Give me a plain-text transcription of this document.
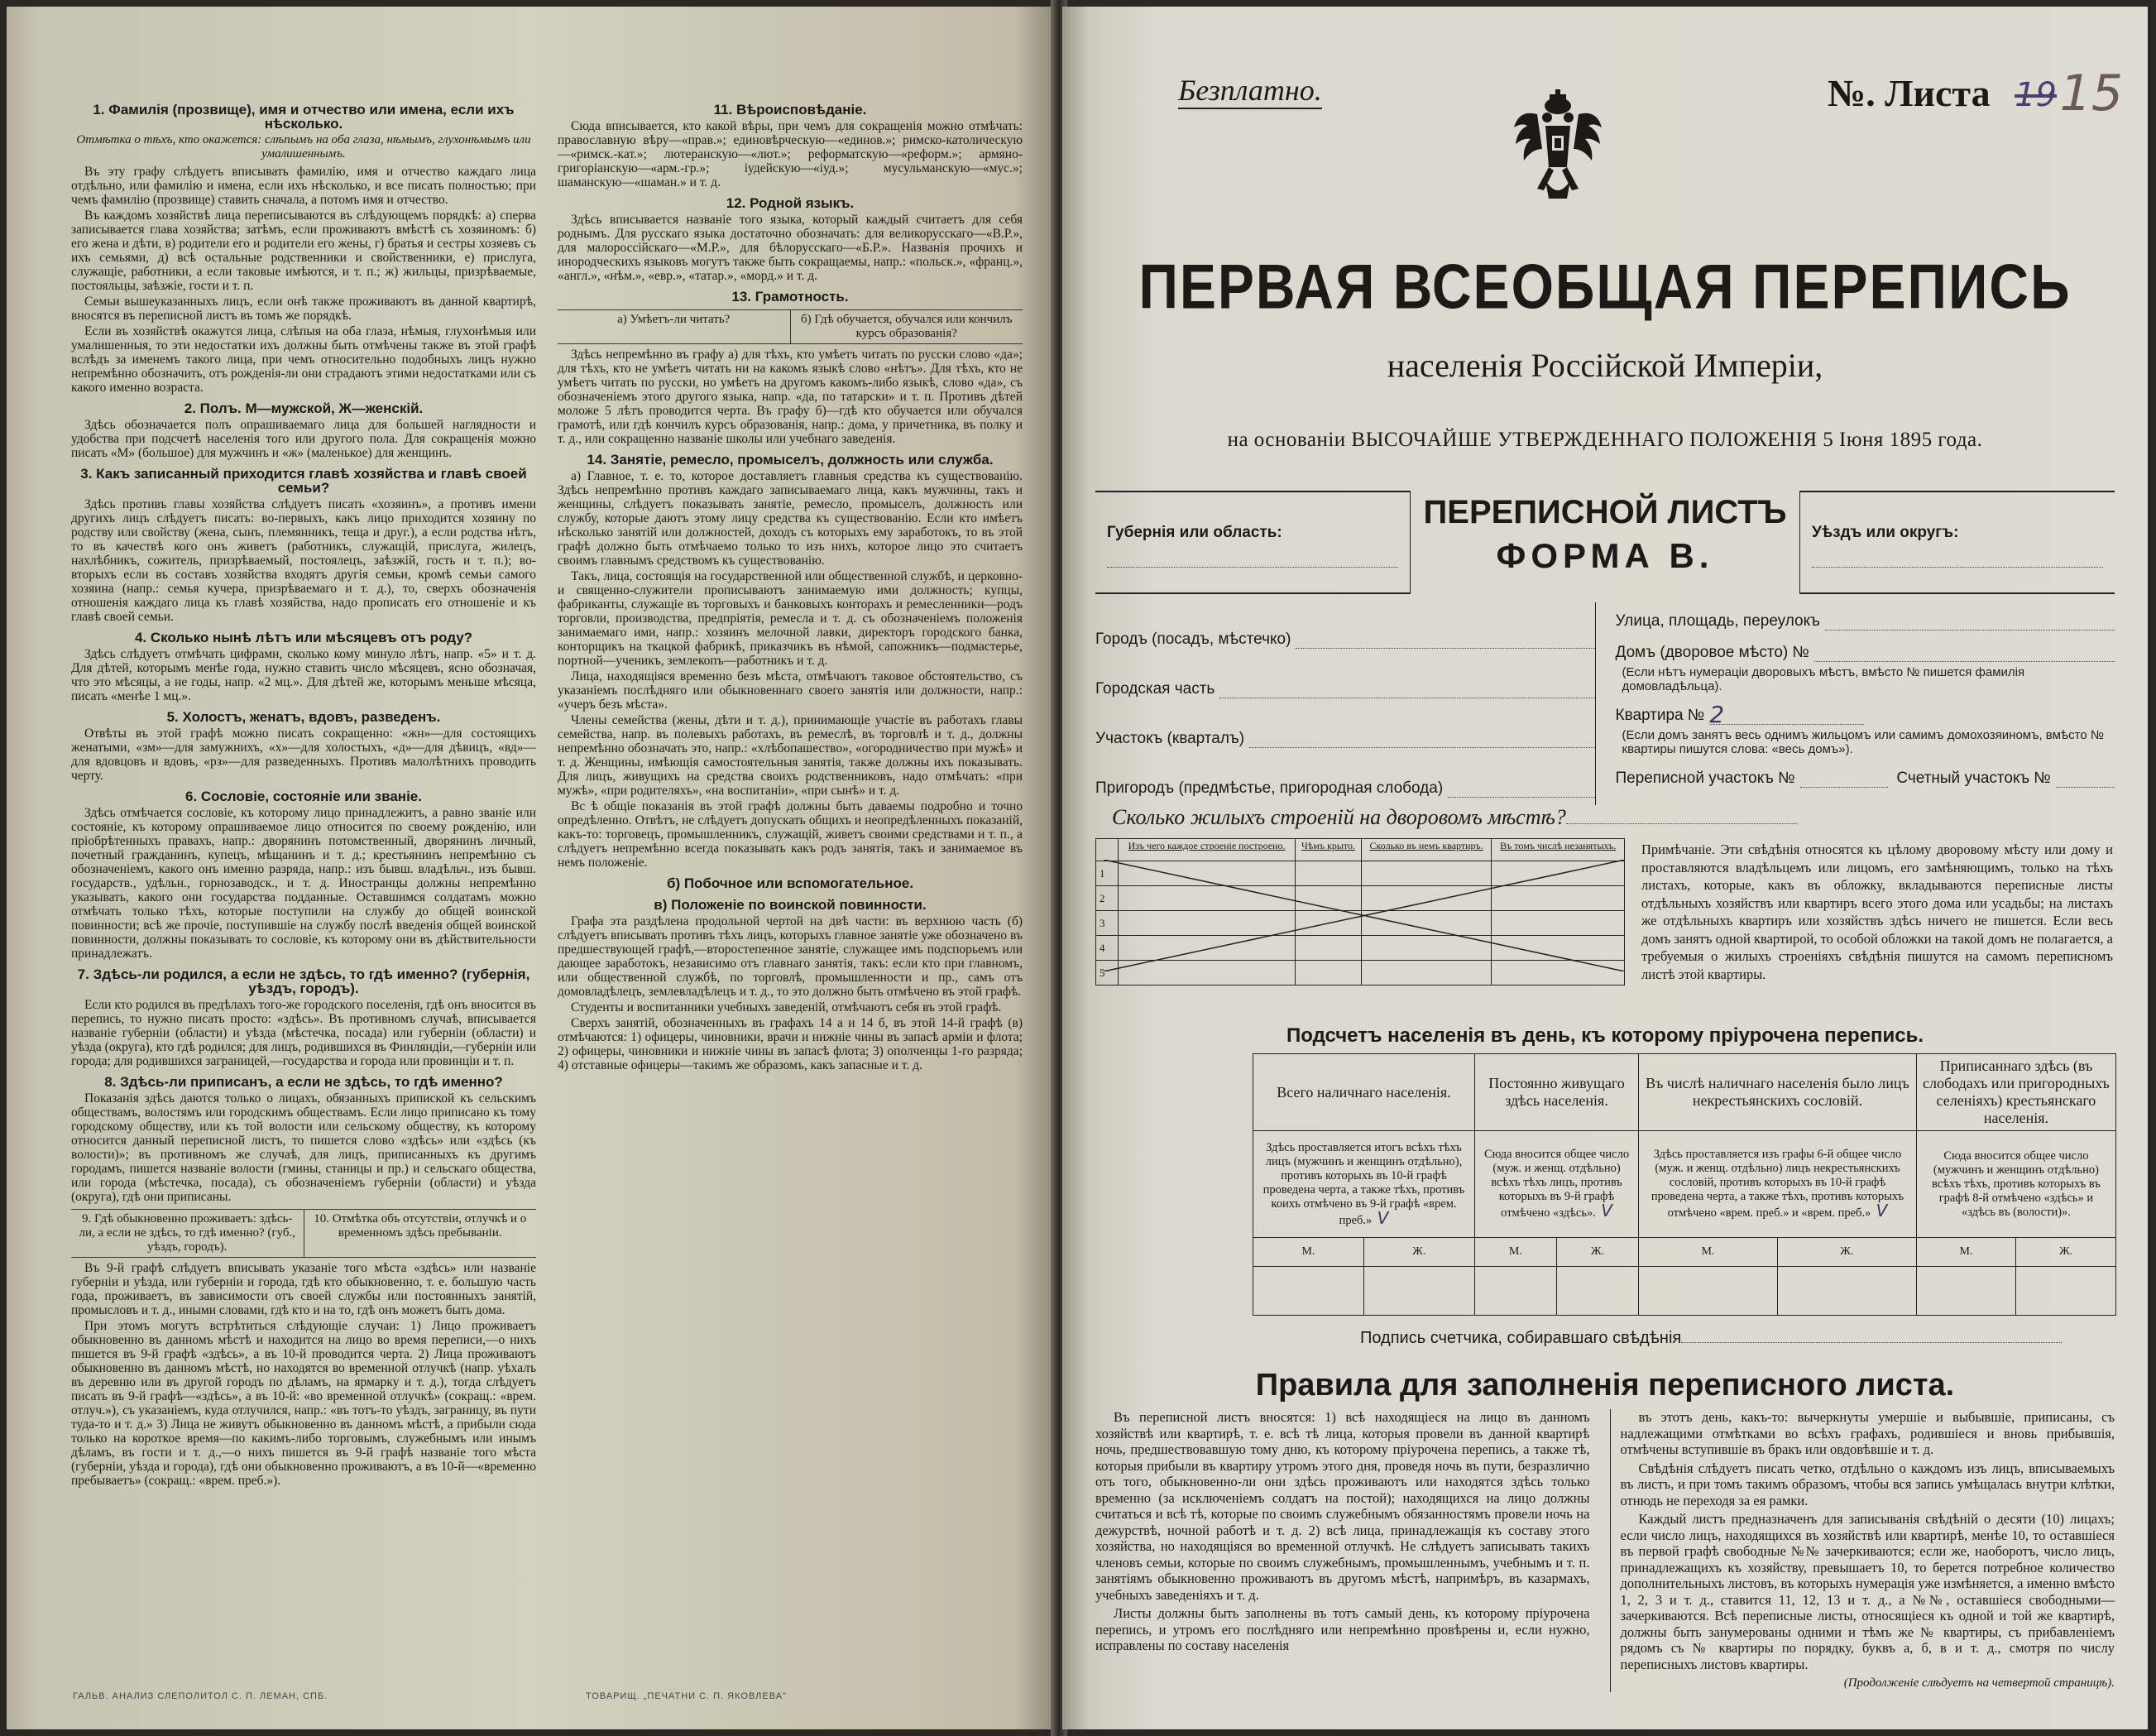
1. Фамилія (прозвище), имя и отчество или имена, если ихъ нѣсколько.
Отмѣтка о тѣхъ, кто окажется: слѣпымъ на оба глаза, нѣмымъ, глухонѣмымъ или умалишеннымъ.

Въ эту графу слѣдуетъ вписывать фамилію, имя и отчество каждаго лица отдѣльно, или фамилію и имена, если ихъ нѣсколько, и все писать полностью; при чемъ фамилію (прозвище) ставить сначала, а потомъ имя и отчество.

Въ каждомъ хозяйствѣ лица переписываются въ слѣдующемъ порядкѣ: а) сперва записывается глава хозяйства; затѣмъ, если проживаютъ вмѣстѣ съ хозяиномъ: б) его жена и дѣти, в) родители его и родители его жены, г) братья и сестры хозяевъ съ ихъ семьями, д) всѣ остальные родственники и свойственники, е) прислуга, служащіе, работники, а если таковые имѣются, и т. п.; ж) жильцы, призрѣваемые, постояльцы, заѣзжіе, гости и т. п.

Семьи вышеуказанныхъ лицъ, если онѣ также проживаютъ въ данной квартирѣ, вносятся въ переписной листъ въ томъ же порядкѣ.

Если въ хозяйствѣ окажутся лица, слѣпыя на оба глаза, нѣмыя, глухонѣмыя или умалишенныя, то эти недостатки ихъ должны быть отмѣчены также въ этой графѣ вслѣдъ за именемъ такого лица, при чемъ относительно подобныхъ лицъ нужно непремѣнно обозначить, отъ рожденія-ли они страдаютъ этими недостатками или съ какого именно возраста.

2. Полъ. М—мужской, Ж—женскій.

Здѣсь обозначается полъ опрашиваемаго лица для большей наглядности и удобства при подсчетѣ населенія того или другого пола. Для сокращенія можно писать «М» (большое) для мужчинъ и «ж» (маленькое) для женщинъ.

3. Какъ записанный приходится главѣ хозяйства и главѣ своей семьи?

Здѣсь противъ главы хозяйства слѣдуетъ писать «хозяинъ», а противъ имени другихъ лицъ слѣдуетъ писать: во-первыхъ, какъ лицо приходится хозяину по родству или свойству (жена, сынъ, племянникъ, теща и друг.), а если родства нѣтъ, то въ качествѣ кого онъ живетъ (работникъ, служащій, прислуга, жилецъ, нахлѣбникъ, сожитель, призрѣваемый, постоялецъ, заѣзжій, гость и т. п.); во-вторыхъ если въ составъ хозяйства входятъ другія семьи, кромѣ семьи самого хозяина (напр.: семья кучера, призрѣваемаго и т. д.), то, сверхъ обозначенія отношенія каждаго лица къ главѣ хозяйства, надо прописать его отношеніе и къ главѣ своей семьи.

4. Сколько нынѣ лѣтъ или мѣсяцевъ отъ роду?

Здѣсь слѣдуетъ отмѣчать цифрами, сколько кому минуло лѣтъ, напр. «5» и т. д. Для дѣтей, которымъ менѣе года, нужно ставить число мѣсяцевъ, ясно обозначая, что это мѣсяцы, а не годы, напр. «2 мц.». Для дѣтей же, которымъ меньше мѣсяца, писать «менѣе 1 мц.».

5. Холостъ, женатъ, вдовъ, разведенъ.

Отвѣты въ этой графѣ можно писать сокращенно: «жн»—для состоящихъ женатыми, «зм»—для замужнихъ, «х»—для холостыхъ, «д»—для дѣвицъ, «вд»—для вдовцовъ и вдовъ, «рз»—для разведенныхъ. Противъ малолѣтнихъ проводить черту.

6. Сословіе, состояніе или званіе.

Здѣсь отмѣчается сословіе, къ которому лицо принадлежитъ, а равно званіе или состояніе, къ которому опрашиваемое лицо относится по своему рожденію, или пріобрѣтенныхъ правахъ, напр.: дворянинъ потомственный, дворянинъ личный, почетный гражданинъ, купецъ, мѣщанинъ и т. д.; крестьянинъ непремѣнно съ обозначеніемъ, какого онъ именно разряда, напр.: изъ бывш. владѣльч., изъ бывш. государств., удѣльн., горнозаводск., и т. д. Иностранцы должны непремѣнно указывать, какого они государства подданные. Оставшимся солдатамъ можно отмѣчать только тѣхъ, которые поступили на службу до общей воинской повинности; всѣ же прочіе, поступившіе на службу послѣ введенія общей воинской повинности, должны показывать то сословіе, къ которому они въ дѣйствительности принадлежатъ.

7. Здѣсь-ли родился, а если не здѣсь, то гдѣ именно? (губернія, уѣздъ, городъ).

Если кто родился въ предѣлахъ того-же городского поселенія, гдѣ онъ вносится въ перепись, то нужно писать просто: «здѣсь». Въ противномъ случаѣ, вписывается названіе губерніи (области) и уѣзда (мѣстечка, посада) или губерніи (области) и уѣзда (округа), кто гдѣ родился; для лицъ, родившихся въ Финляндіи,—губерніи или города; для родившихся заграницей,—государства и города или провинціи и т. п.

8. Здѣсь-ли приписанъ, а если не здѣсь, то гдѣ именно?

Показанія здѣсь даются только о лицахъ, обязанныхъ припиской къ сельскимъ обществамъ, волостямъ или городскимъ обществамъ. Если лицо приписано къ тому городскому обществу, или къ той волости или сельскому обществу, къ которому относится данный переписной листъ, то пишется слово «здѣсь» или «здѣсь (къ волости)»; въ противномъ же случаѣ, для лицъ, приписанныхъ къ другимъ городамъ, пишется названіе волости (гмины, станицы и пр.) и сельскаго общества, или города (мѣстечка, посада), съ обозначеніемъ губерніи (области) и уѣзда (округа), гдѣ они приписаны.

9. Гдѣ обыкновенно проживаетъ: здѣсь-ли, а если не здѣсь, то гдѣ именно? (губ., уѣздъ, городъ).
10. Отмѣтка объ отсутствіи, отлучкѣ и о временномъ здѣсь пребываніи.

Въ 9-й графѣ слѣдуетъ вписывать указаніе того мѣста «здѣсь» или названіе губерніи и уѣзда, или губерніи и города, гдѣ кто обыкновенно, т. е. большую часть года, проживаетъ, въ зависимости отъ своей службы или постоянныхъ занятій, промысловъ и т. д., иными словами, гдѣ кто и на то, гдѣ онъ можетъ быть дома.

При этомъ могутъ встрѣтиться слѣдующіе случаи: 1) Лицо проживаетъ обыкновенно въ данномъ мѣстѣ и находится на лицо во время переписи,—о нихъ пишется въ 9-й графѣ «здѣсь», а въ 10-й проводится черта. 2) Лица проживаютъ обыкновенно въ данномъ мѣстѣ, но находятся во временной отлучкѣ (напр. уѣхалъ въ деревню или въ другой городъ по дѣламъ, на ярмарку и т. д.), тогда слѣдуетъ писать въ 9-й графѣ—«здѣсь», а въ 10-й: «во временной отлучкѣ» (сокращ.: «врем. отлуч.»), съ указаніемъ, куда отлучился, напр.: «въ тотъ-то уѣздъ, заграницу, въ пути туда-то и т. д.» 3) Лица не живутъ обыкновенно въ данномъ мѣстѣ, а прибыли сюда только на короткое время—по какимъ-либо торговымъ, служебнымъ или инымъ дѣламъ, въ гости и т. д.,—о нихъ пишется въ 9-й графѣ названіе того мѣста (губерніи, уѣзда и города), гдѣ они обыкновенно проживаютъ, а въ 10-й—«временно пребываетъ» (сокращ.: «врем. преб.»).

11. Вѣроисповѣданіе.

Сюда вписывается, кто какой вѣры, при чемъ для сокращенія можно отмѣчать: православную вѣру—«прав.»; единовѣрческую—«единов.»; римско-католическую—«римск.-кат.»; лютеранскую—«лют.»; реформатскую—«реформ.»; армяно-григоріанскую—«арм.-гр.»; іудейскую—«іуд.»; мусульманскую—«мус.»; шаманскую—«шаман.» и т. д.

12. Родной языкъ.

Здѣсь вписывается названіе того языка, который каждый считаетъ для себя роднымъ. Для русскаго языка достаточно обозначать: для великорусскаго—«В.Р.», для малороссійскаго—«М.Р.», для бѣлорусскаго—«Б.Р.». Названія прочихъ и инородческихъ языковъ могутъ также быть сокращаемы, напр.: «польск.», «франц.», «англ.», «нѣм.», «евр.», «татар.», «морд.» и т. д.

13. Грамотность.
а) Умѣетъ-ли читать?	б) Гдѣ обучается, обучался или кончилъ курсъ образованія?

Здѣсь непремѣнно въ графу а) для тѣхъ, кто умѣетъ читать по русски слово «да»; для тѣхъ, кто не умѣетъ читать ни на какомъ языкѣ слово «нѣтъ». Для тѣхъ, кто не умѣетъ читать по русски, но умѣетъ на другомъ какомъ-либо языкѣ, слово «да», съ обозначеніемъ этого другого языка, напр. «да, по татарски» и т. п. Противъ дѣтей моложе 5 лѣтъ проводится черта. Въ графу б)—гдѣ кто обучается или обучался грамотѣ, или гдѣ кончилъ курсъ образованія, напр.: дома, у причетника, въ полку и т. д., или сокращенно названіе школы или учебнаго заведенія.

14. Занятіе, ремесло, промыселъ, должность или служба.

а) Главное, т. е. то, которое доставляетъ главныя средства къ существованію. Здѣсь непремѣнно противъ каждаго записываемаго лица, какъ мужчины, такъ и женщины, слѣдуетъ показывать занятіе, ремесло, промыселъ, должность или службу, которые даютъ этому лицу средства къ существованію. Если кто имѣетъ нѣсколько занятій или должностей, доходъ съ которыхъ ему заработокъ, то въ этой графѣ должно быть отмѣчаемо только то изъ нихъ, которое лицо это считаетъ своимъ главнымъ средствомъ къ существованію.

Такъ, лица, состоящія на государственной или общественной службѣ, и церковно-и священно-служители прописываютъ занимаемую ими должность; купцы, фабриканты, служащіе въ торговыхъ и банковыхъ конторахъ и ремесленники—родъ торговли, производства, предпріятія, ремесла и т. д. съ обозначеніемъ положенія занимаемаго ими, напр.: хозяинъ мелочной лавки, директоръ городского банка, конторщикъ на ткацкой фабрикѣ, приказчикъ въ нѣмой, сапожникъ—подмастерье, портной—ученикъ, землекопъ—работникъ и т. д.

Лица, находящіяся временно безъ мѣста, отмѣчаютъ таковое обстоятельство, съ указаніемъ послѣдняго или обыкновеннаго своего занятія или должности, напр.: «учеръ безъ мѣста».

Члены семейства (жены, дѣти и т. д.), принимающіе участіе въ работахъ главы семейства, напр. въ полевыхъ работахъ, въ ремеслѣ, въ торговлѣ и т. д., должны непремѣнно обозначать это, напр.: «хлѣбопашество», «огородничество при мужѣ» и т. д. Женщины, имѣющія самостоятельныя занятія, также должны ихъ показывать. Для лицъ, живущихъ на средства своихъ родственниковъ, надо отмѣчать: «при мужѣ», «при родителяхъ», «на воспитаніи», «при сынѣ» и т. д.

Вс ѣ общіе показанія въ этой графѣ должны быть даваемы подробно и точно опредѣленно. Отвѣтъ, не слѣдуетъ допускать общихъ и неопредѣленныхъ показаній, какъ-то: торговецъ, промышленникъ, служащій, живетъ своими средствами и т. п., а слѣдуетъ непремѣнно всегда показывать какъ родъ занятія, такъ и занимаемое въ немъ положеніе.

б) Побочное или вспомогательное.
в) Положеніе по воинской повинности.

Графа эта раздѣлена продольной чертой на двѣ части: въ верхнюю часть (б) слѣдуетъ вписывать противъ тѣхъ лицъ, которыхъ главное занятіе уже обозначено въ предшествующей графѣ,—второстепенное занятіе, служащее имъ подспорьемъ или дающее заработокъ, независимо отъ главнаго занятія, такъ: если кто при главномъ, или общественной службѣ, по торговлѣ, промышленности и пр., самъ отъ домовладѣлецъ, землевладѣлецъ и т. д., то это должно быть отмѣчено въ этой графѣ.

Студенты и воспитанники учебныхъ заведеній, отмѣчаютъ себя въ этой графѣ.

Сверхъ занятій, обозначенныхъ въ графахъ 14 а и 14 б, въ этой 14-й графѣ (в) отмѣчаются: 1) офицеры, чиновники, врачи и нижніе чины въ запасѣ арміи и флота; 2) офицеры, чиновники и нижніе чины въ запасѣ флота; 3) ополченцы 1-го разряда; 4) отставные офицеры—такимъ же образомъ, какъ запасные и т. д.

ГАЛЬВ. АНАЛИЗ СЛЕПОЛИТОЛ С. П. ЛЕМАН, СПБ.	ТОВАРИЩ. „ПЕЧАТНИ С. П. ЯКОВЛЕВА"
Безплатно.	№. Листа 19 15
ПЕРВАЯ ВСЕОБЩАЯ ПЕРЕПИСЬ
населенія Россійской Имперіи,
на основаніи ВЫСОЧАЙШЕ УТВЕРЖДЕННАГО ПОЛОЖЕНІЯ 5 Іюня 1895 года.
Губернія или область:
ПЕРЕПИСНОЙ ЛИСТЪ
ФОРМА В.
Уѣздъ или округъ:
Городъ (посадъ, мѣстечко)
Городская часть
Участокъ (кварталъ)
Пригородъ (предмѣстье, пригородная слобода)
Улица, площадь, переулокъ
Домъ (дворовое мѣсто) №
(Если нѣтъ нумераціи дворовыхъ мѣстъ, вмѣсто № пишется фамилія домовладѣльца).
Квартира № 2
(Если домъ занятъ весь однимъ жильцомъ или самимъ домохозяиномъ, вмѣсто № квартиры пишутся слова: «весь домъ»).
Переписной участокъ №	Счетный участокъ №
Сколько жилыхъ строеній на дворовомъ мѣстѣ?
	Изъ чего каждое строеніе построено.	Чѣмъ крыто.	Сколько въ немъ квартиръ.	Въ томъ числѣ незанятыхъ.
1				
2				
3				
4				
5				
Примѣчаніе. Эти свѣдѣнія относятся къ цѣлому дворовому мѣсту или дому и проставляются владѣльцемъ или лицомъ, его замѣняющимъ, только на тѣхъ листахъ, которые, какъ въ обложку, вкладываются переписные листы отдѣльныхъ хозяйствъ или квартиръ всего этого дома или усадьбы; на листахъ же отдѣльныхъ квартиръ или хозяйствъ здѣсь ничего не пишется. Если весь домъ занятъ одной квартирой, то особой обложки на такой домъ не полагается, а требуемыя о жилыхъ строеніяхъ свѣдѣнія пишутся на самомъ переписномъ листѣ этой квартиры.
Подсчетъ населенія въ день, къ которому пріурочена перепись.
Всего наличнаго населенія.		Постоянно живущаго здѣсь населенія.		Въ числѣ наличнаго населенія было лицъ некрестьянскихъ сословій.		Приписаннаго здѣсь (въ слободахъ или пригородныхъ селеніяхъ) крестьянскаго населенія.	
Здѣсь проставляется итогъ всѣхъ тѣхъ лицъ (мужчинъ и женщинъ отдѣльно), противъ которыхъ въ 10-й графѣ проведена черта, а также тѣхъ, противъ коихъ отмѣчено въ 9-й графѣ «врем. преб.» V		Сюда вносится общее число (муж. и женщ. отдѣльно) всѣхъ тѣхъ лицъ, противъ которыхъ въ 9-й графѣ отмѣчено «здѣсь». V		Здѣсь проставляется изъ графы 6-й общее число (муж. и женщ. отдѣльно) лицъ некрестьянскихъ сословій, противъ которыхъ въ 10-й графѣ проведена черта, а также тѣхъ, противъ которыхъ отмѣчено «врем. преб.» и «врем. преб.» V		Сюда вносится общее число (мужчинъ и женщинъ отдѣльно) всѣхъ тѣхъ, противъ которыхъ въ графѣ 8-й отмѣчено «здѣсь» и «здѣсь въ (волости)».	
М.	Ж.	М.	Ж.	М.	Ж.	М.	Ж.

Подпись счетчика, собиравшаго свѣдѣнія
Правила для заполненія переписного листа.

Въ переписной листъ вносятся: 1) всѣ находящіеся на лицо въ данномъ хозяйствѣ или квартирѣ, т. е. всѣ тѣ лица, которыя провели въ данной квартирѣ ночь, предшествовавшую тому дню, къ которому пріурочена перепись, а также тѣ, которыя прибыли въ квартиру утромъ этого дня, проведя ночь въ пути, безразлично отъ того, обыкновенно-ли они здѣсь проживаютъ или находятся здѣсь только временно (за исключеніемъ солдатъ на постой); находящихся на лицо должны считаться и всѣ тѣ, которые по своимъ служебнымъ обязанностямъ провели ночь на дежурствѣ, ночной работѣ и т. д. 2) всѣ лица, принадлежащія къ составу этого хозяйства, но находящіяся во временной отлучкѣ. Не слѣдуетъ записывать такихъ членовъ семьи, которые по своимъ служебнымъ, промышленнымъ, учебнымъ и т. п. занятіямъ обыкновенно проживаютъ въ другомъ мѣстѣ, напримѣръ, въ казармахъ, учебныхъ заведеніяхъ и т. д.

Листы должны быть заполнены въ тотъ самый день, къ которому пріурочена перепись, и утромъ его послѣдняго или непремѣнно провѣрены и, если нужно, исправлены по составу населенія

въ этотъ день, какъ-то: вычеркнуты умершіе и выбывшіе, приписаны, съ надлежащими отмѣтками во всѣхъ графахъ, родившіеся и вновь прибывшія, отмѣчены вступившіе въ бракъ или овдовѣвшіе и т. д.

Свѣдѣнія слѣдуетъ писать четко, отдѣльно о каждомъ изъ лицъ, вписываемыхъ въ листъ, и при томъ такимъ образомъ, чтобы вся запись умѣщалась внутри клѣтки, отнюдь не переходя за ея рамки.

Каждый листъ предназначенъ для записыванія свѣдѣній о десяти (10) лицахъ; если число лицъ, находящихся въ хозяйствѣ или квартирѣ, менѣе 10, то оставшіеся въ первой графѣ свободные №№ зачеркиваются; если же, наоборотъ, число лицъ, принадлежащихъ къ хозяйству, превышаетъ 10, то берется потребное количество дополнительныхъ листовъ, въ которыхъ нумерація уже измѣняется, а именно вмѣсто 1, 2, 3 и т. д., ставится 11, 12, 13 и т. д., а №№, оставшіеся свободными—зачеркиваются. Всѣ переписные листы, относящіеся къ одной и той же квартирѣ, должны быть занумерованы одними и тѣмъ же № квартиры, съ прибавленіемъ рядомъ съ № квартиры по порядку, буквъ а, б, в и т. д., смотря по числу переписныхъ листовъ квартиры.

(Продолженіе слѣдуетъ на четвертой страницѣ).
